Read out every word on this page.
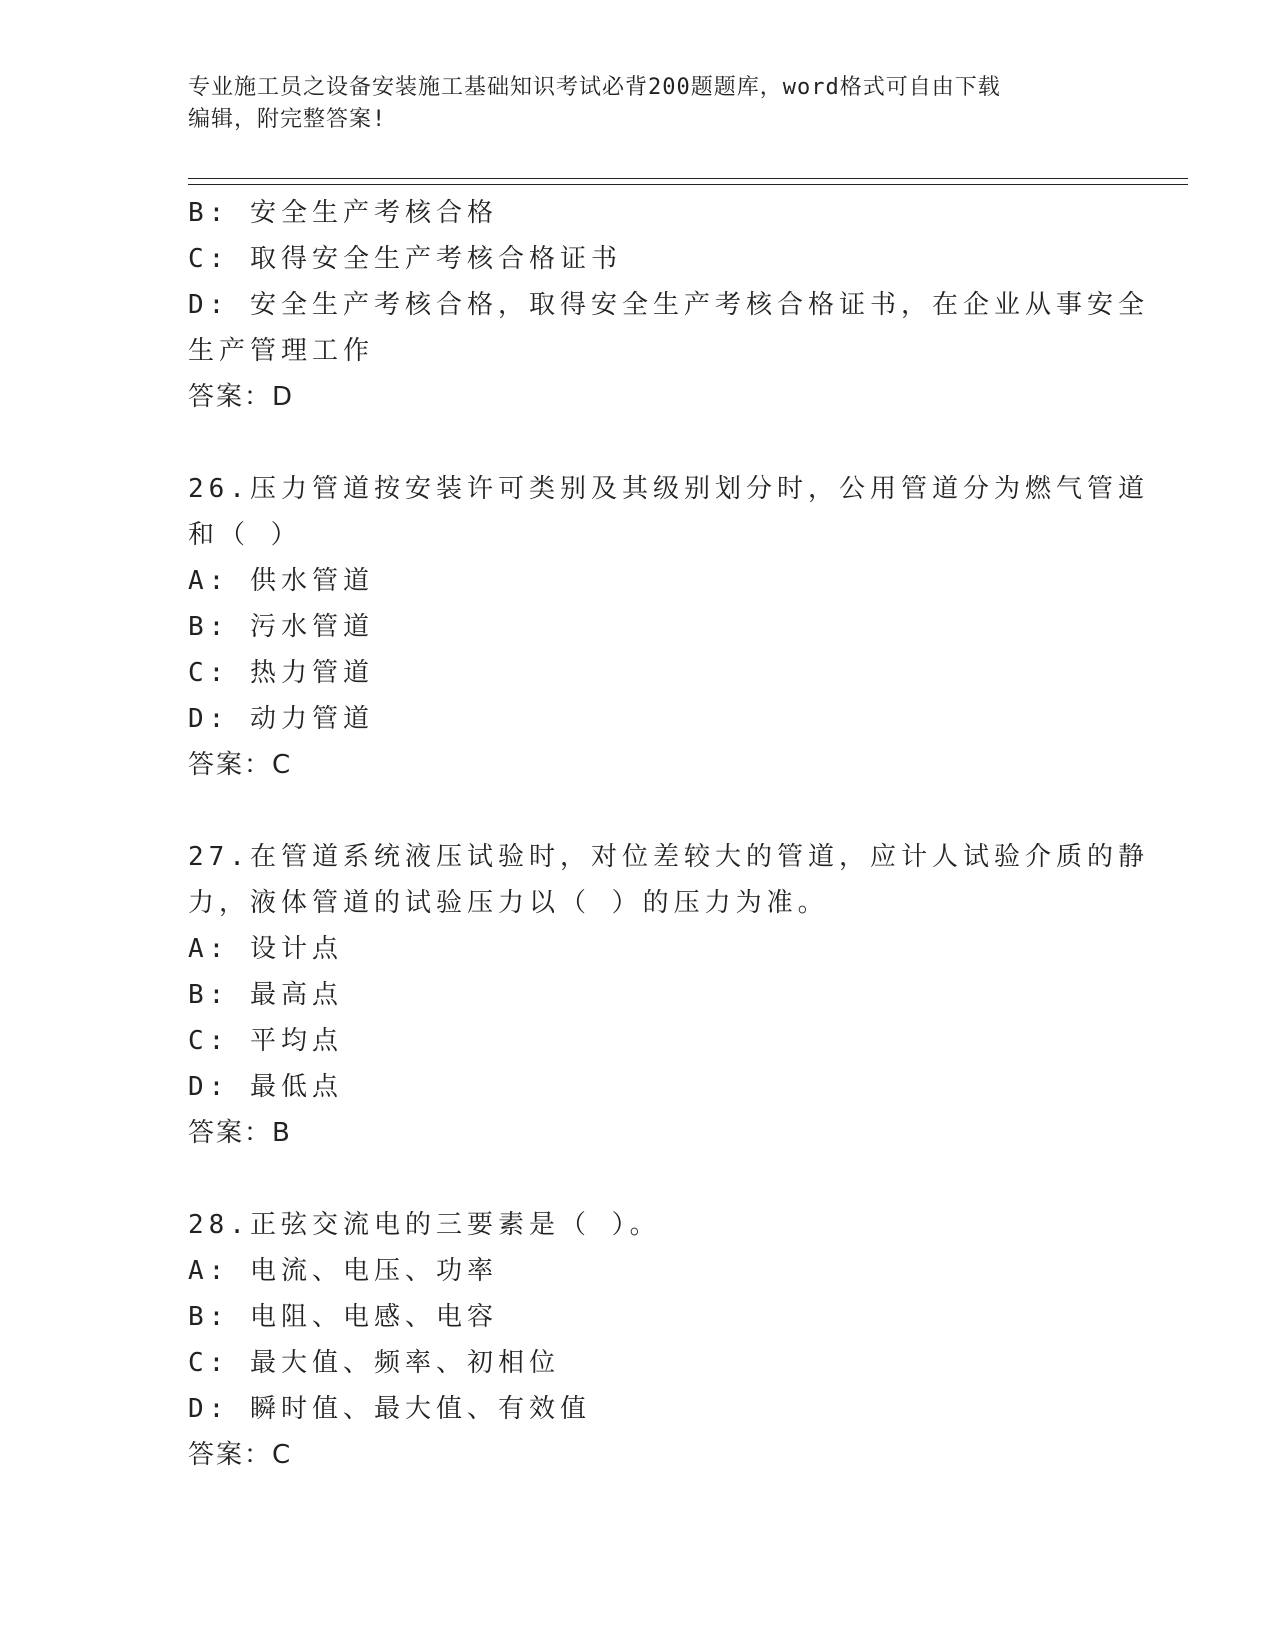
专业施工员之设备安装施工基础知识考试必背200题题库，word格式可自由下载
编辑，附完整答案!

B: 安全生产考核合格

C: 取得安全生产考核合格证书

D: 安全生产考核合格，取得安全生产考核合格证书，在企业从事安全

生产管理工作

答案：D

26.压力管道按安装许可类别及其级别划分时，公用管道分为燃气管道

和（ ）

A: 供水管道

B: 污水管道

C: 热力管道

D: 动力管道

答案：C

27.在管道系统液压试验时，对位差较大的管道，应计人试验介质的静

力，液体管道的试验压力以（ ）的压力为准。

A: 设计点

B: 最高点

C: 平均点

D: 最低点

答案：B

28.正弦交流电的三要素是（ ）。

A: 电流、电压、功率

B: 电阻、电感、电容

C: 最大值、频率、初相位

D: 瞬时值、最大值、有效值

答案：C
